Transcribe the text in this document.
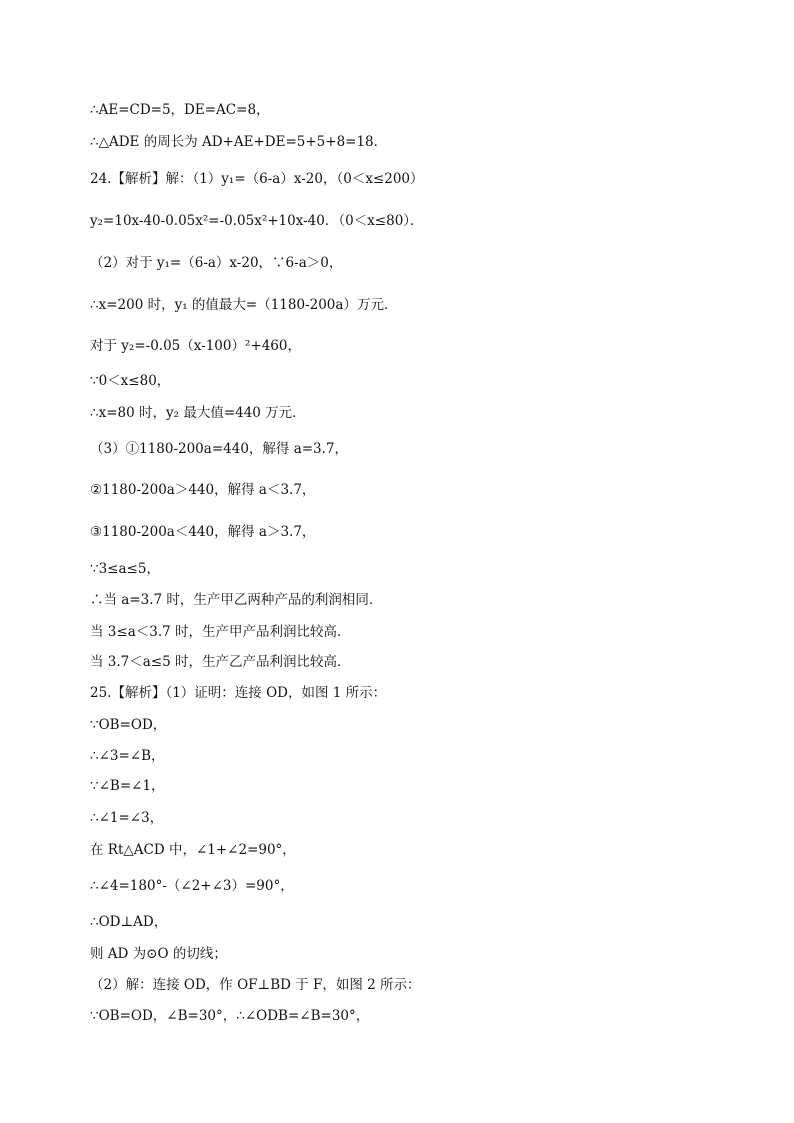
∴AE=CD=5，DE=AC=8，
∴△ADE 的周长为 AD+AE+DE=5+5+8=18．
24.【解析】解：（1）y₁=（6-a）x-20，（0＜x≤200）
y₂=10x-40-0.05x²=-0.05x²+10x-40．（0＜x≤80）．
（2）对于 y₁=（6-a）x-20，∵6-a＞0，
∴x=200 时，y₁ 的值最大=（1180-200a）万元．
对于 y₂=-0.05（x-100）²+460，
∵0＜x≤80，
∴x=80 时，y₂ 最大值=440 万元．
（3）①1180-200a=440，解得 a=3.7，
②1180-200a＞440，解得 a＜3.7，
③1180-200a＜440，解得 a＞3.7，
∵3≤a≤5，
∴当 a=3.7 时，生产甲乙两种产品的利润相同．
当 3≤a＜3.7 时，生产甲产品利润比较高．
当 3.7＜a≤5 时，生产乙产品利润比较高．
25.【解析】（1）证明：连接 OD，如图 1 所示：
∵OB=OD，
∴∠3=∠B，
∵∠B=∠1，
∴∠1=∠3，
在 Rt△ACD 中，∠1+∠2=90°，
∴∠4=180°-（∠2+∠3）=90°，
∴OD⊥AD，
则 AD 为⊙O 的切线；
（2）解：连接 OD，作 OF⊥BD 于 F，如图 2 所示：
∵OB=OD，∠B=30°，∴∠ODB=∠B=30°，
